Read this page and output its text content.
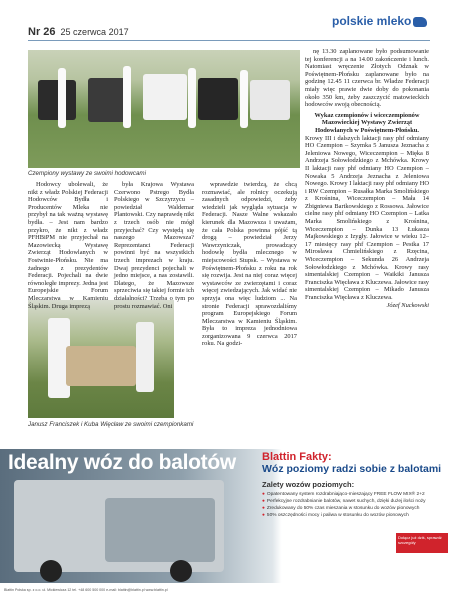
Nr 26 25 czerwca 2017
polskie mleko
Czempiony wystawy ze swoimi hodowcami
Janusz Franciszek i Kuba Więcław ze swoimi czempionkami

Hodowcy ubolewali, że nikt z władz Polskiej Federacji Hodowców Bydła i Producentów Mleka nie przybył na tak ważną wystawę bydła. – Jest nam bardzo przykro, że nikt z władz PFHBiPM nie przyjechał na Mazowiecką Wystawę Zwierząt Hodowlanych w Fostwinie-Płońsku. Nie ma żadnego z prezydentów Federacji. Pojechali na dwie równoległe imprezy. Jedna jest Europejskie Forum Mleczarstwa w Kamieniu Śląskim. Druga imprezą

była Krajowa Wystawa Czerwono Pstrego Bydła Polskiego w Szczyrzycu – powiedział Waldemar Plantowski. Czy naprawdę nikt z trzech osób nie mógł przyjechać? Czy wystędą się naszego Mazowsza? Reprezentanci Federacji powinni być na wszystkich trzech imprezach w kraju. Dwaj prezydenci pojechali w jedno miejsce, a nas zostawili. Dlatego, że Mazowsze sprzeciwia się takiej formie ich działalności? Trzeba o tym po prostu rozmawiać. Oni

wprawdzie twierdzą, że chcą rozmawiać, ale rolnicy oczekują zasadnych odpowiedzi, żeby wiedzieli jak wygląda sytuacja w Federacji. Nasze Walne wskazało kierunek dla Mazowsza i uważam, że cała Polska powinna pójść tą drogą – powiedział Jerzy Wawrzyniczak, prowadzący hodowlę bydła mlecznego w miejscowości Stupsk. – Wystawa w Poświętnem-Płońsku z roku na rok się rozwija. Jest na niej coraz więcej wystawców ze zwierzętami i coraz więcej zwiedzających. Jak widać nie sprzyja ona więc ludziom ... Na stronie Federacji sprawozdaliśmy program Europejskiego Forum Mleczarstwa w Kamieniu Śląskim. Była to impreza jednodniowa zorganizowana 9 czerwca 2017 roku. Na godzi-

nę 13.30 zaplanowane było podsumowanie tej konferencji a na 14.00 zakończenie i lunch. Natomiast wręczenie Złotych Odznak w Poświętnem-Płońsku zaplanowane było na godzinę 12.45 11 czerwca br. Władze Federacji miały więc prawie dwie doby do pokonania około 350 km, żeby zaszczycić matowieckich hodowców swoją obecnością.

Wykaz czempionów i wiceczempionów Mazowieckiej Wystawy Zwierząt Hodowlanych w Poświętnem-Płońsku.

Krowy III i dalszych laktacji rasy phf odmiany HO Czempion – Szymka 5 Janusza Jeznacha z Jeleniowa Nowego, Wiceczempion – Mięka 8 Andrzeja Sołowłodzkiego z Mchówka. Krowy II laktacji rasy phf odmiany HO Czempion – Nowaka 5 Andrzeja Jeznacha z Jeleniowa Nowego. Krowy I laktacji rasy phf odmiany HO i RW Czempion – Rusałka Marka Smolińskiego z Krośnina, Wiceczempion – Mała 14 Zbigniewa Bartkowskiego z Rossowa. Jałowice cielne rasy phf odmiany HO Czempion – Latka Marka Smolińskiego z Krośnina, Wiceczempion – Dunka 13 Łukasza Majkowskiego z Izygły. Jałowice w wieku 12–17 miesięcy rasy phf Czempion – Pestka 17 Mirosława Chmielińskiego z Rzęcina, Wiceczempion – Sekunda 26 Andrzeja Sołowłodzkiego z Mchówka. Krowy rasy simentalskiej Czempion – Waikiki Janusza Franciszka Więcława z Kluczewa. Jałowice rasy simentalskiej Czempion – Mikado Janusza Franciszka Więcława z Kluczewa.

Józef Nuckowski

Idealny wóz do balotów Blattin Fakty:
Wóz poziomy radzi sobie z balotami
Zalety wozów poziomych:
● Opatentowany system rozdrabniająco-mieszający FREE FLOW MIX® 2+2
● Perfekcyjne rozdrabnianie balotów, nawet suchych, dzięki dużej ilości noży
● Zredukowany do 50% czas mieszania w stosunku do wozów pionowych
● 50% oszczędności mocy i paliwa w stosunku do wozów pionowych
Dołącz już dziś, sprawdź szczegóły
Blattin Polska sp. z o.o. ul. Mickiewicza 12 tel. +48 600 500 000 e-mail: blattin@blattin.pl www.blattin.pl
